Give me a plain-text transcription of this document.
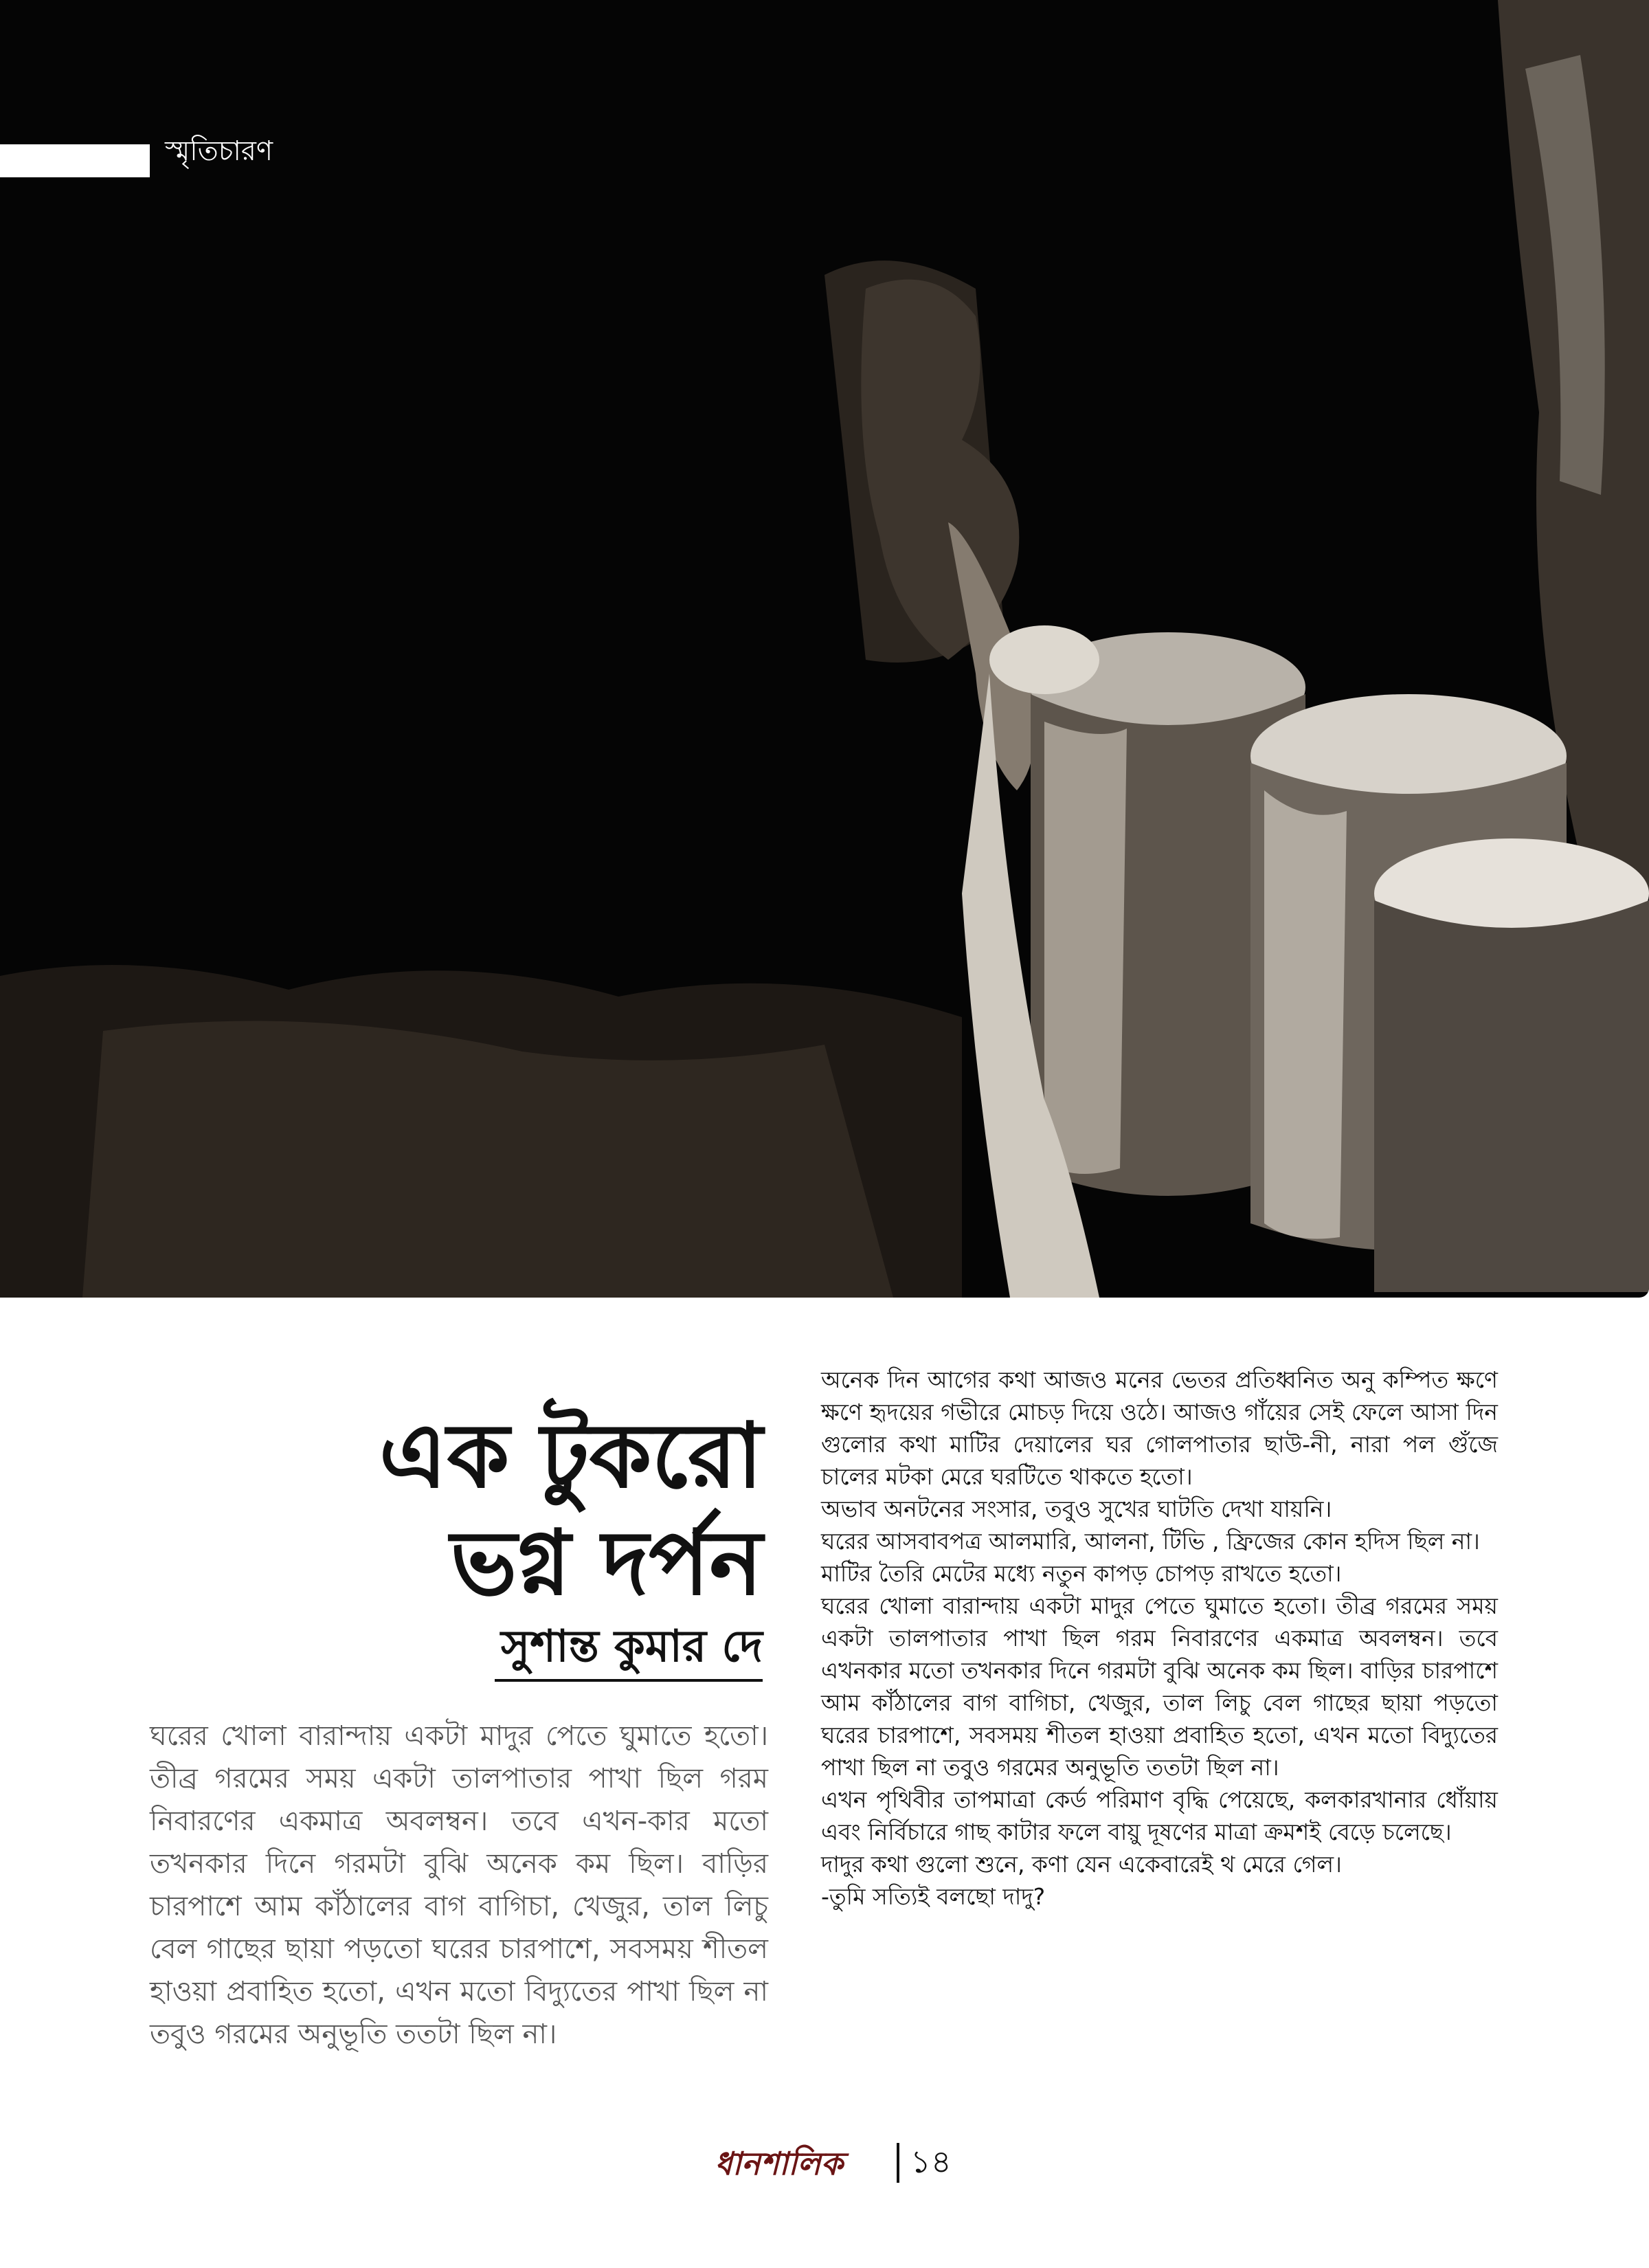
স্মৃতিচারণ
এক টুকরো
ভগ্ন দর্পন
সুশান্ত কুমার দে

ঘরের খোলা বারান্দায় একটা মাদুর পেতে ঘুমাতে হতো। তীব্র গরমের সময় একটা তালপাতার পাখা ছিল গরম নিবারণের একমাত্র অবলম্বন। তবে এখন-কার মতো তখনকার দিনে গরমটা বুঝি অনেক কম ছিল। বাড়ির চারপাশে আম কাঁঠালের বাগ বাগিচা, খেজুর, তাল লিচু বেল গাছের ছায়া পড়তো ঘরের চারপাশে, সবসময় শীতল হাওয়া প্রবাহিত হতো, এখন মতো বিদ্যুতের পাখা ছিল না তবুও গরমের অনুভূতি ততটা ছিল না।

অনেক দিন আগের কথা আজও মনের ভেতর প্রতিধ্বনিত অনু কম্পিত ক্ষণে ক্ষণে হৃদয়ের গভীরে মোচড় দিয়ে ওঠে। আজও গাঁয়ের সেই ফেলে আসা দিন গুলোর কথা মাটির দেয়ালের ঘর গোলপাতার ছাউ-নী, নারা পল গুঁজে চালের মটকা মেরে ঘরটিতে থাকতে হতো।

অভাব অনটনের সংসার, তবুও সুখের ঘাটতি দেখা যায়নি।

ঘরের আসবাবপত্র আলমারি, আলনা, টিভি , ফ্রিজের কোন হদিস ছিল না।

মাটির তৈরি মেটের মধ্যে নতুন কাপড় চোপড় রাখতে হতো।

ঘরের খোলা বারান্দায় একটা মাদুর পেতে ঘুমাতে হতো। তীব্র গরমের সময় একটা তালপাতার পাখা ছিল গরম নিবারণের একমাত্র অবলম্বন। তবে এখনকার মতো তখনকার দিনে গরমটা বুঝি অনেক কম ছিল। বাড়ির চারপাশে আম কাঁঠালের বাগ বাগিচা, খেজুর, তাল লিচু বেল গাছের ছায়া পড়তো ঘরের চারপাশে, সবসময় শীতল হাওয়া প্রবাহিত হতো, এখন মতো বিদ্যুতের পাখা ছিল না তবুও গরমের অনুভূতি ততটা ছিল না।

এখন পৃথিবীর তাপমাত্রা কের্ড পরিমাণ বৃদ্ধি পেয়েছে, কলকারখানার ধোঁয়ায় এবং নির্বিচারে গাছ কাটার ফলে বায়ু দূষণের মাত্রা ক্রমশই বেড়ে চলেছে।

দাদুর কথা গুলো শুনে, কণা যেন একেবারেই থ মেরে গেল।

-তুমি সত্যিই বলছো দাদু?

ধানশালিক ১৪
